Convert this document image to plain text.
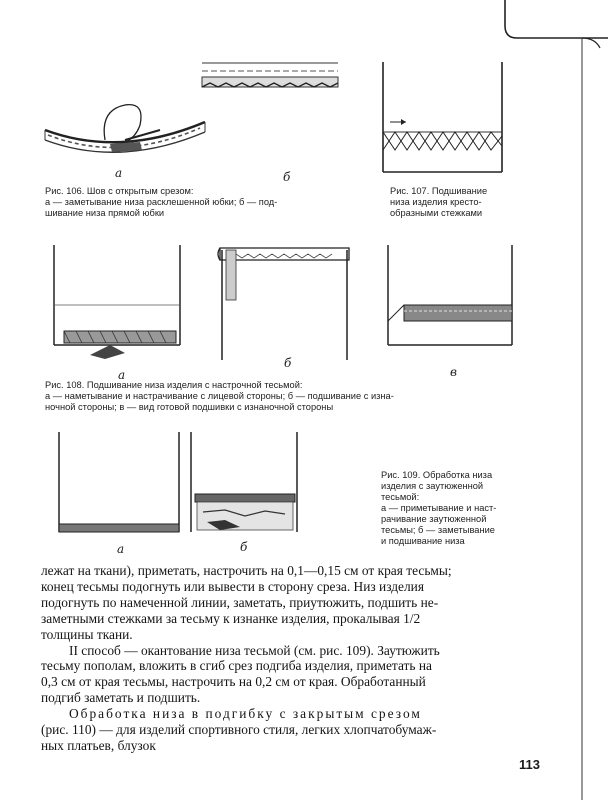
а	б
Рис. 106. Шов с открытым срезом:
а — заметывание низа расклешенной юбки; б — под-
шивание низа прямой юбки
Рис. 107. Подшивание
низа изделия кресто-
образными стежками
а
б
в
Рис. 108. Подшивание низа изделия с настрочной тесьмой:
а — наметывание и настрачивание с лицевой стороны; б — подшивание с изна-
ночной стороны; в — вид готовой подшивки с изнаночной стороны
а	б
Рис. 109. Обработка низа
изделия с заутюженной
тесьмой:
а — приметывание и наст-
рачивание заутюженной
тесьмы; б — заметывание
и подшивание низа

лежат на ткани), приметать, настрочить на 0,1—0,15 см от края тесьмы;

конец тесьмы подогнуть или вывести в сторону среза. Низ изделия

подогнуть по намеченной линии, заметать, приутюжить, подшить не-

заметными стежками за тесьму к изнанке изделия, прокалывая 1/2

толщины ткани.

II способ — окантование низа тесьмой (см. рис. 109). Заутюжить

тесьму пополам, вложить в сгиб срез подгиба изделия, приметать на

0,3 см от края тесьмы, настрочить на 0,2 см от края. Обработанный

подгиб заметать и подшить.

Обработка низа в подгибку с закрытым срезом

(рис. 110) — для изделий спортивного стиля, легких хлопчатобумаж-

ных платьев, блузок

113
